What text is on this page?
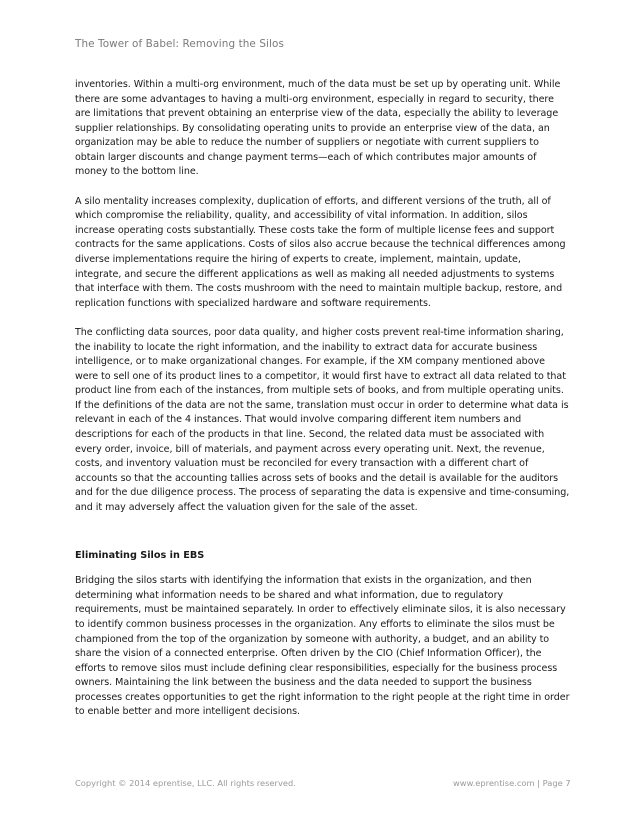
The Tower of Babel: Removing the Silos

inventories. Within a multi-org environment, much of the data must be set up by operating unit. While there are some advantages to having a multi-org environment, especially in regard to security, there are limitations that prevent obtaining an enterprise view of the data, especially the ability to leverage supplier relationships. By consolidating operating units to provide an enterprise view of the data, an organization may be able to reduce the number of suppliers or negotiate with current suppliers to obtain larger discounts and change payment terms—each of which contributes major amounts of money to the bottom line.

A silo mentality increases complexity, duplication of efforts, and different versions of the truth, all of which compromise the reliability, quality, and accessibility of vital information. In addition, silos increase operating costs substantially. These costs take the form of multiple license fees and support contracts for the same applications. Costs of silos also accrue because the technical differences among diverse implementations require the hiring of experts to create, implement, maintain, update, integrate, and secure the different applications as well as making all needed adjustments to systems that interface with them. The costs mushroom with the need to maintain multiple backup, restore, and replication functions with specialized hardware and software requirements.

The conflicting data sources, poor data quality, and higher costs prevent real-time information sharing, the inability to locate the right information, and the inability to extract data for accurate business intelligence, or to make organizational changes. For example, if the XM company mentioned above were to sell one of its product lines to a competitor, it would first have to extract all data related to that product line from each of the instances, from multiple sets of books, and from multiple operating units. If the definitions of the data are not the same, translation must occur in order to determine what data is relevant in each of the 4 instances. That would involve comparing different item numbers and descriptions for each of the products in that line. Second, the related data must be associated with every order, invoice, bill of materials, and payment across every operating unit. Next, the revenue, costs, and inventory valuation must be reconciled for every transaction with a different chart of accounts so that the accounting tallies across sets of books and the detail is available for the auditors and for the due diligence process. The process of separating the data is expensive and time-consuming, and it may adversely affect the valuation given for the sale of the asset.

Eliminating Silos in EBS

Bridging the silos starts with identifying the information that exists in the organization, and then determining what information needs to be shared and what information, due to regulatory requirements, must be maintained separately. In order to effectively eliminate silos, it is also necessary to identify common business processes in the organization. Any efforts to eliminate the silos must be championed from the top of the organization by someone with authority, a budget, and an ability to share the vision of a connected enterprise. Often driven by the CIO (Chief Information Officer), the efforts to remove silos must include defining clear responsibilities, especially for the business process owners. Maintaining the link between the business and the data needed to support the business processes creates opportunities to get the right information to the right people at the right time in order to enable better and more intelligent decisions.

Copyright © 2014 eprentise, LLC. All rights reserved.	www.eprentise.com | Page 7
